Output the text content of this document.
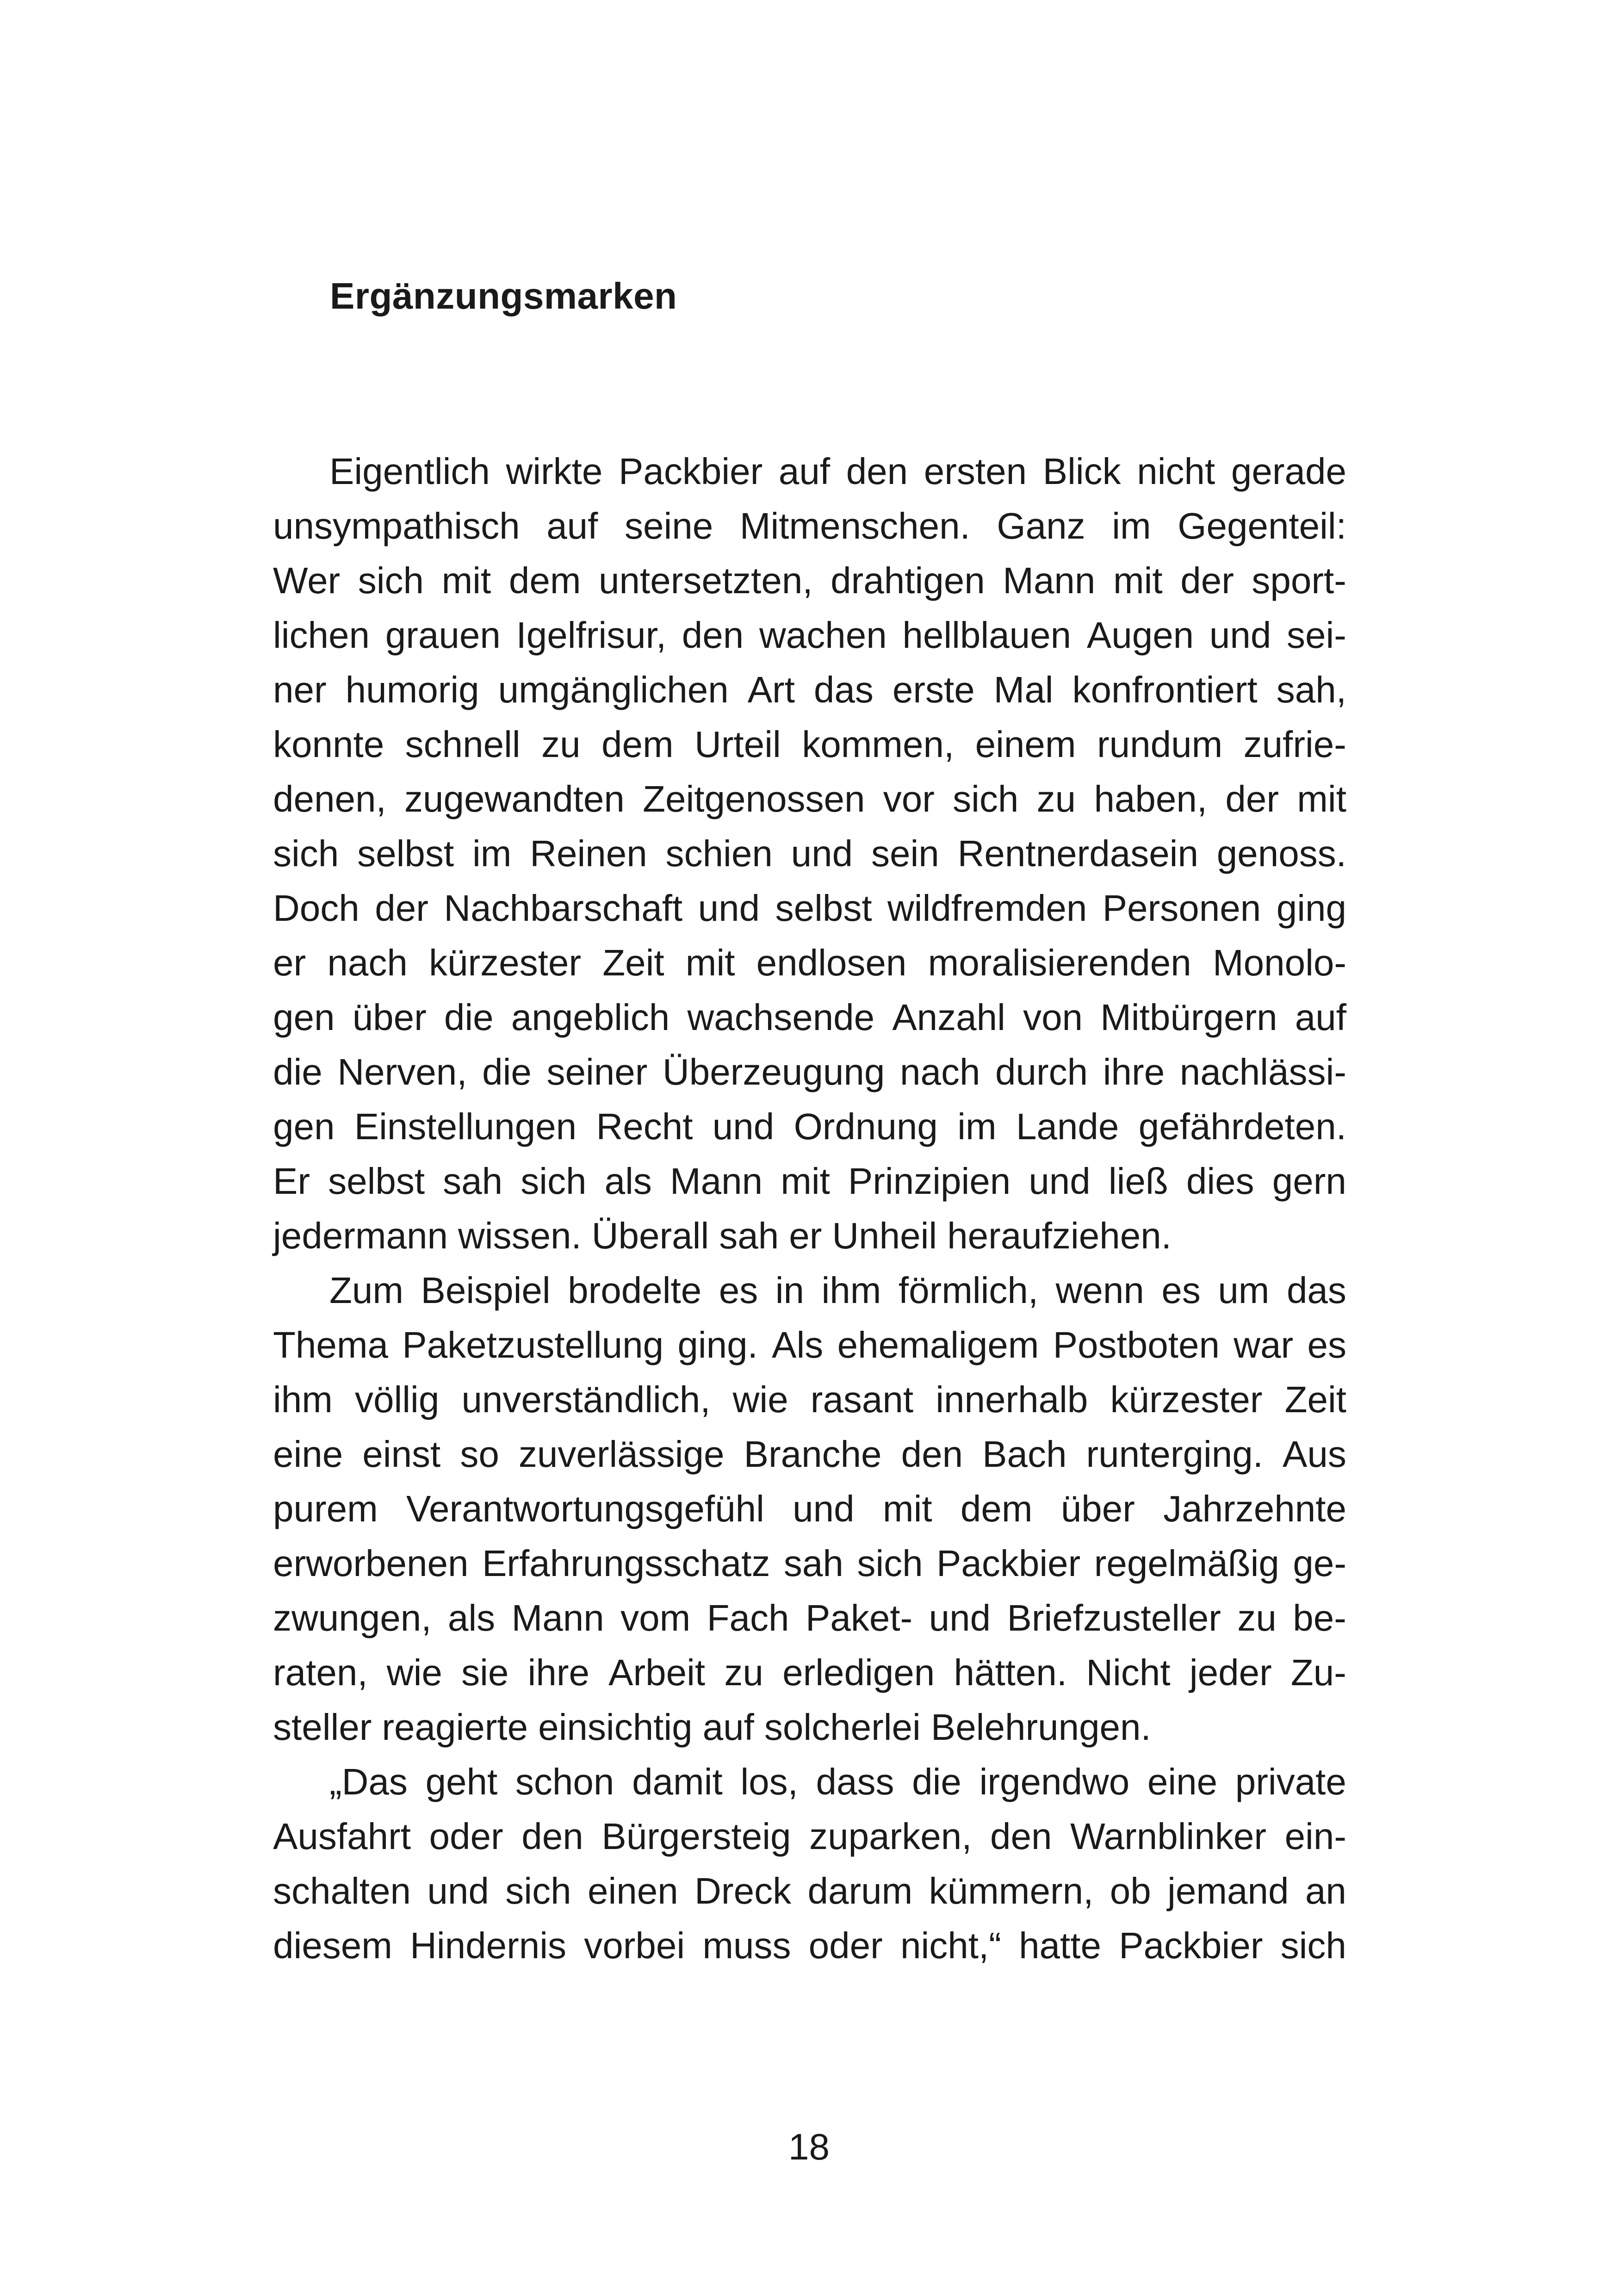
Ergänzungsmarken
Eigentlich wirkte Packbier auf den ersten Blick nicht gerade
unsympathisch auf seine Mitmenschen. Ganz im Gegenteil:
Wer sich mit dem untersetzten, drahtigen Mann mit der sport-
lichen grauen Igelfrisur, den wachen hellblauen Augen und sei-
ner humorig umgänglichen Art das erste Mal konfrontiert sah,
konnte schnell zu dem Urteil kommen, einem rundum zufrie-
denen, zugewandten Zeitgenossen vor sich zu haben, der mit
sich selbst im Reinen schien und sein Rentnerdasein genoss.
Doch der Nachbarschaft und selbst wildfremden Personen ging
er nach kürzester Zeit mit endlosen moralisierenden Monolo-
gen über die angeblich wachsende Anzahl von Mitbürgern auf
die Nerven, die seiner Überzeugung nach durch ihre nachlässi-
gen Einstellungen Recht und Ordnung im Lande gefährdeten.
Er selbst sah sich als Mann mit Prinzipien und ließ dies gern
jedermann wissen. Überall sah er Unheil heraufziehen.
Zum Beispiel brodelte es in ihm förmlich, wenn es um das
Thema Paketzustellung ging. Als ehemaligem Postboten war es
ihm völlig unverständlich, wie rasant innerhalb kürzester Zeit
eine einst so zuverlässige Branche den Bach runterging. Aus
purem Verantwortungsgefühl und mit dem über Jahrzehnte
erworbenen Erfahrungsschatz sah sich Packbier regelmäßig ge-
zwungen, als Mann vom Fach Paket- und Briefzusteller zu be-
raten, wie sie ihre Arbeit zu erledigen hätten. Nicht jeder Zu-
steller reagierte einsichtig auf solcherlei Belehrungen.
„Das geht schon damit los, dass die irgendwo eine private
Ausfahrt oder den Bürgersteig zuparken, den Warnblinker ein-
schalten und sich einen Dreck darum kümmern, ob jemand an
diesem Hindernis vorbei muss oder nicht,“ hatte Packbier sich
18
